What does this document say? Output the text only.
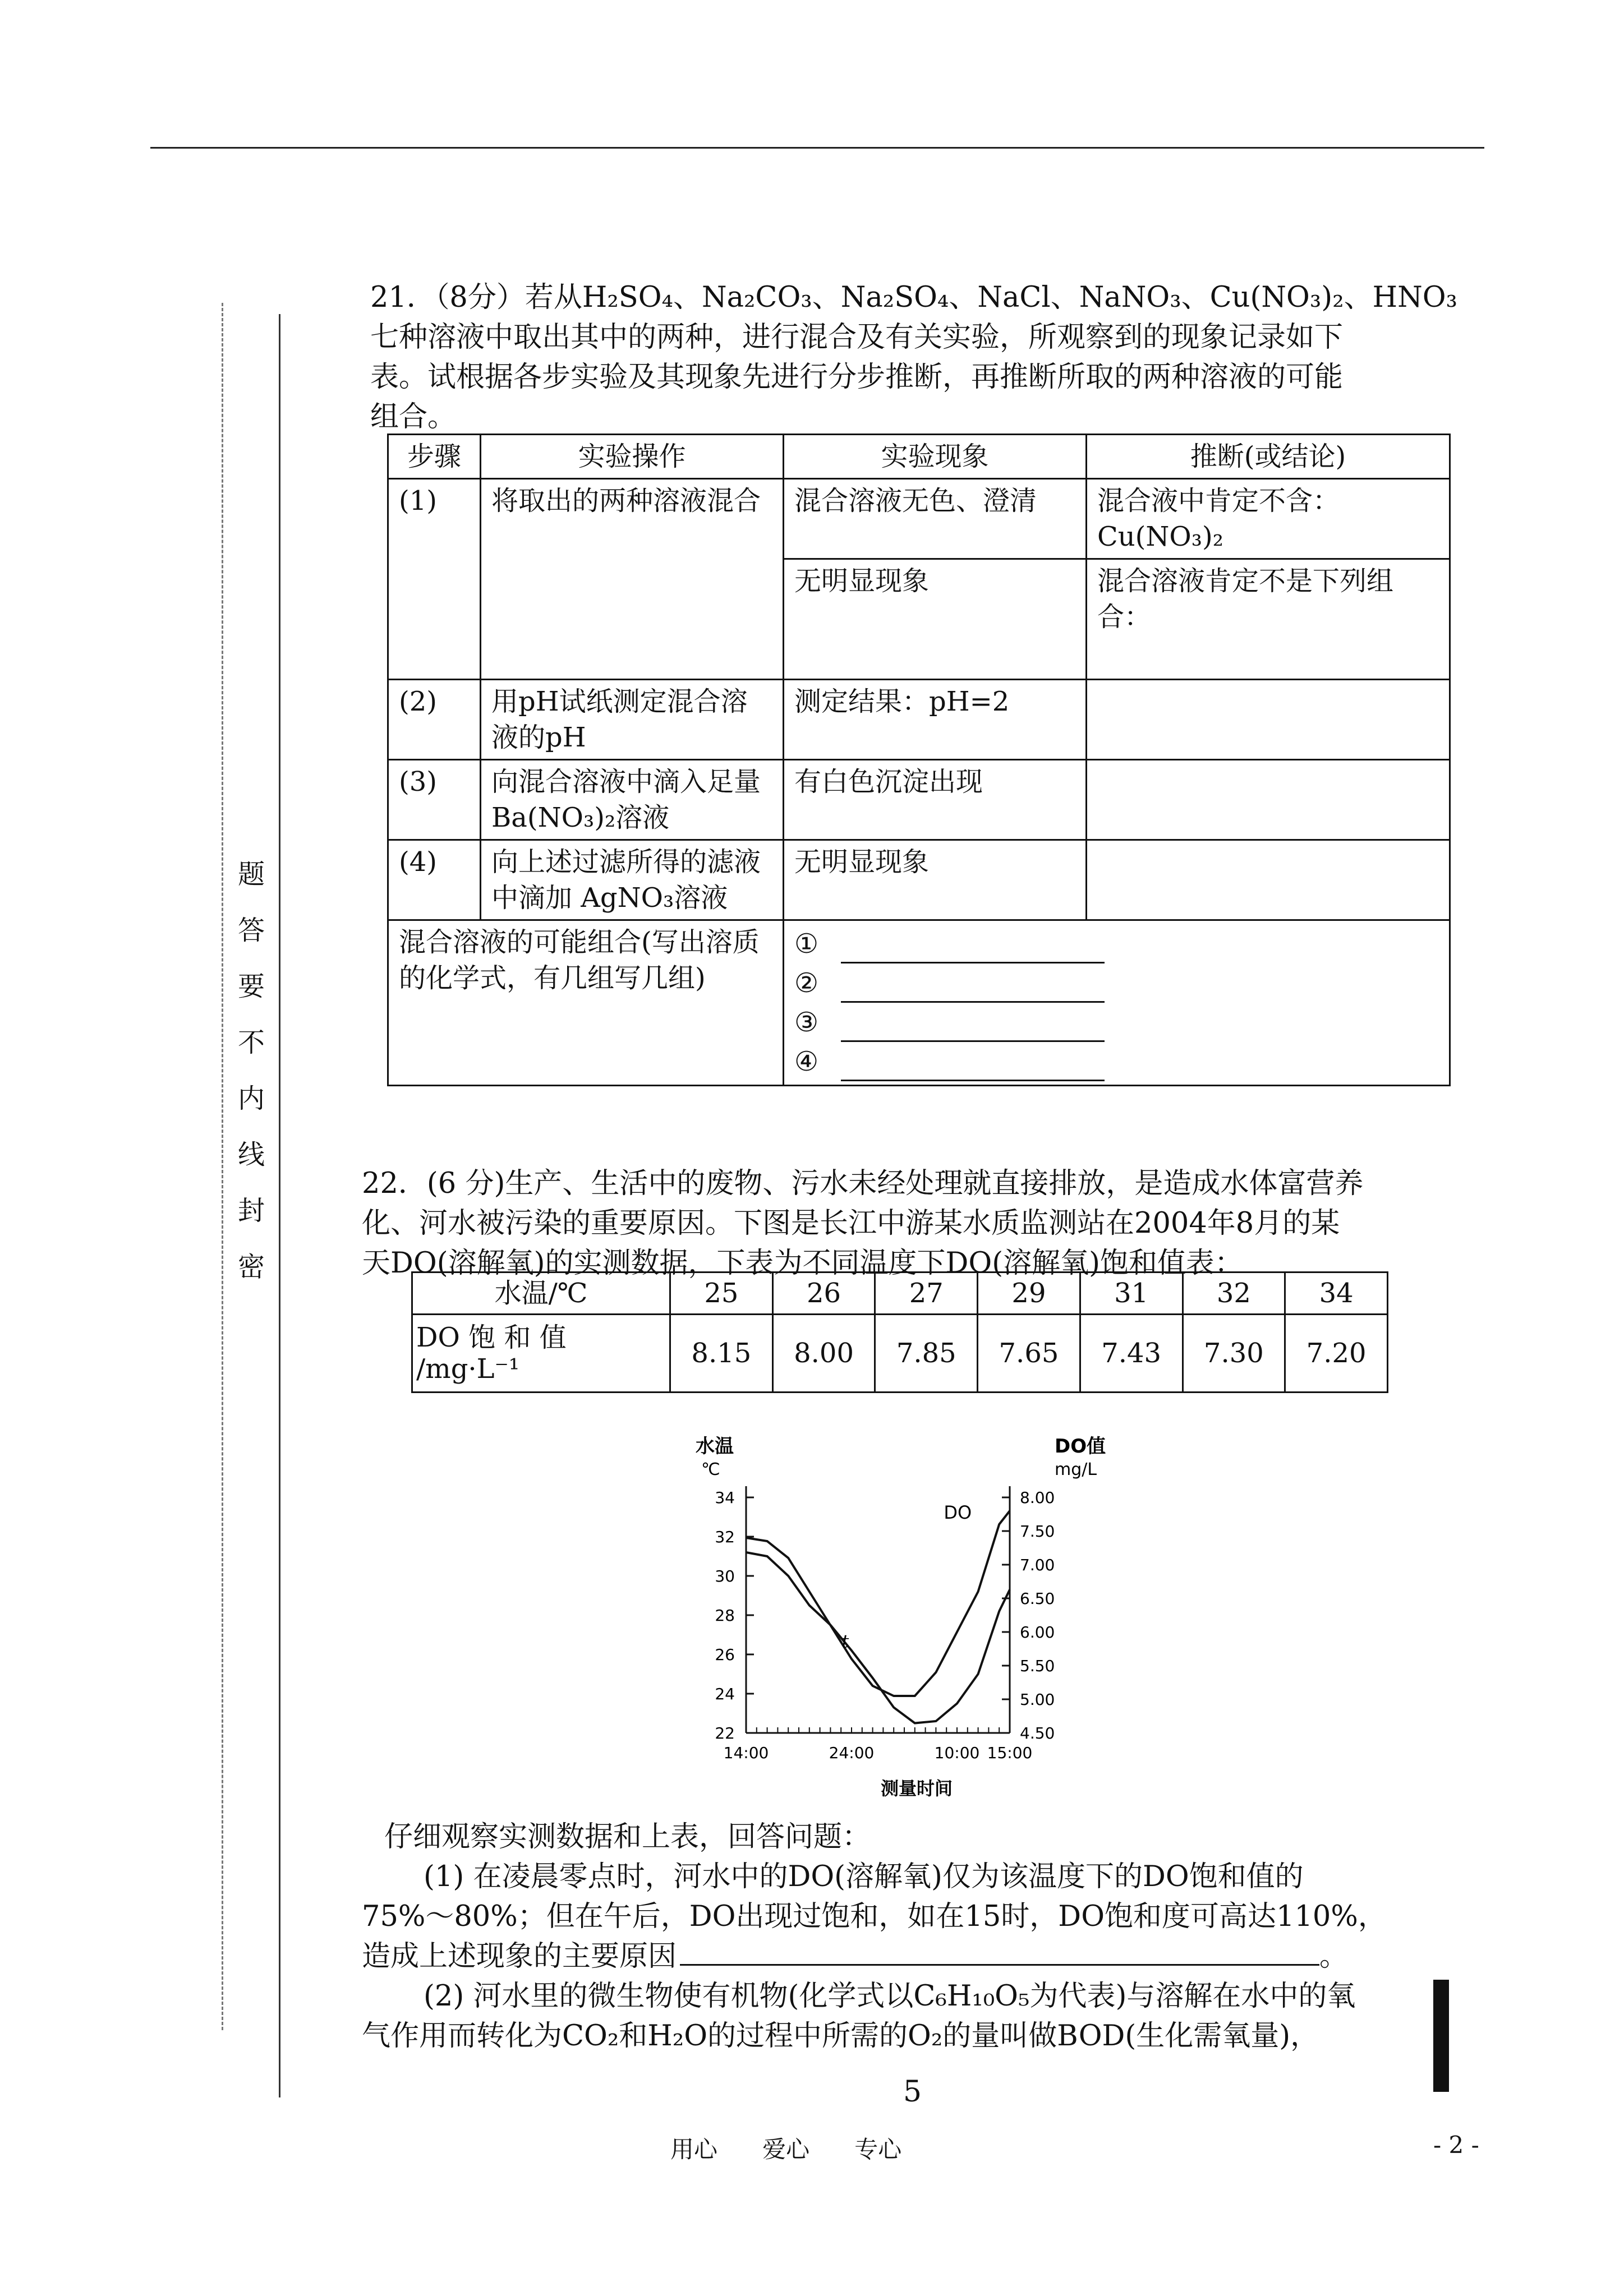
题
答
要
不
内
线
封
密
21．（8分）若从H₂SO₄、Na₂CO₃、Na₂SO₄、NaCl、NaNO₃、Cu(NO₃)₂、HNO₃
七种溶液中取出其中的两种，进行混合及有关实验，所观察到的现象记录如下
表。试根据各步实验及其现象先进行分步推断，再推断所取的两种溶液的可能
组合。
步骤	实验操作	实验现象	推断(或结论)
(1)	将取出的两种溶液混合	混合溶液无色、澄清	混合液中肯定不含：Cu(NO₃)₂
		无明显现象	混合溶液肯定不是下列组合：
(2)	用pH试纸测定混合溶液的pH	测定结果：pH=2	
(3)	向混合溶液中滴入足量Ba(NO₃)₂溶液	有白色沉淀出现	
(4)	向上述过滤所得的滤液中滴加 AgNO₃溶液	无明显现象	
混合溶液的可能组合(写出溶质的化学式，有几组写几组)		①
②
③
④	
22．(6 分)生产、生活中的废物、污水未经处理就直接排放，是造成水体富营养
化、河水被污染的重要原因。下图是长江中游某水质监测站在2004年8月的某
天DO(溶解氧)的实测数据，下表为不同温度下DO(溶解氧)饱和值表：
水温/℃	25	26	27	29	31	32	34
DO 饱 和 值 /mg·L⁻¹	8.15	8.00	7.85	7.65	7.43	7.30	7.20
水温
℃
DO值
mg/L
测量时间
34
32
30
28
26
24
22
8.00
7.50
7.00
6.50
6.00
5.50
5.00
4.50
14:00	24:00	10:00 15:00
DO
t
仔细观察实测数据和上表，回答问题：
(1) 在凌晨零点时，河水中的DO(溶解氧)仅为该温度下的DO饱和值的
75%～80%；但在午后，DO出现过饱和，如在15时，DO饱和度可高达110%，
造成上述现象的主要原因	。
(2) 河水里的微生物使有机物(化学式以C₆H₁₀O₅为代表)与溶解在水中的氧
气作用而转化为CO₂和H₂O的过程中所需的O₂的量叫做BOD(生化需氧量)，
5
用心      爱心      专心	- 2 -
